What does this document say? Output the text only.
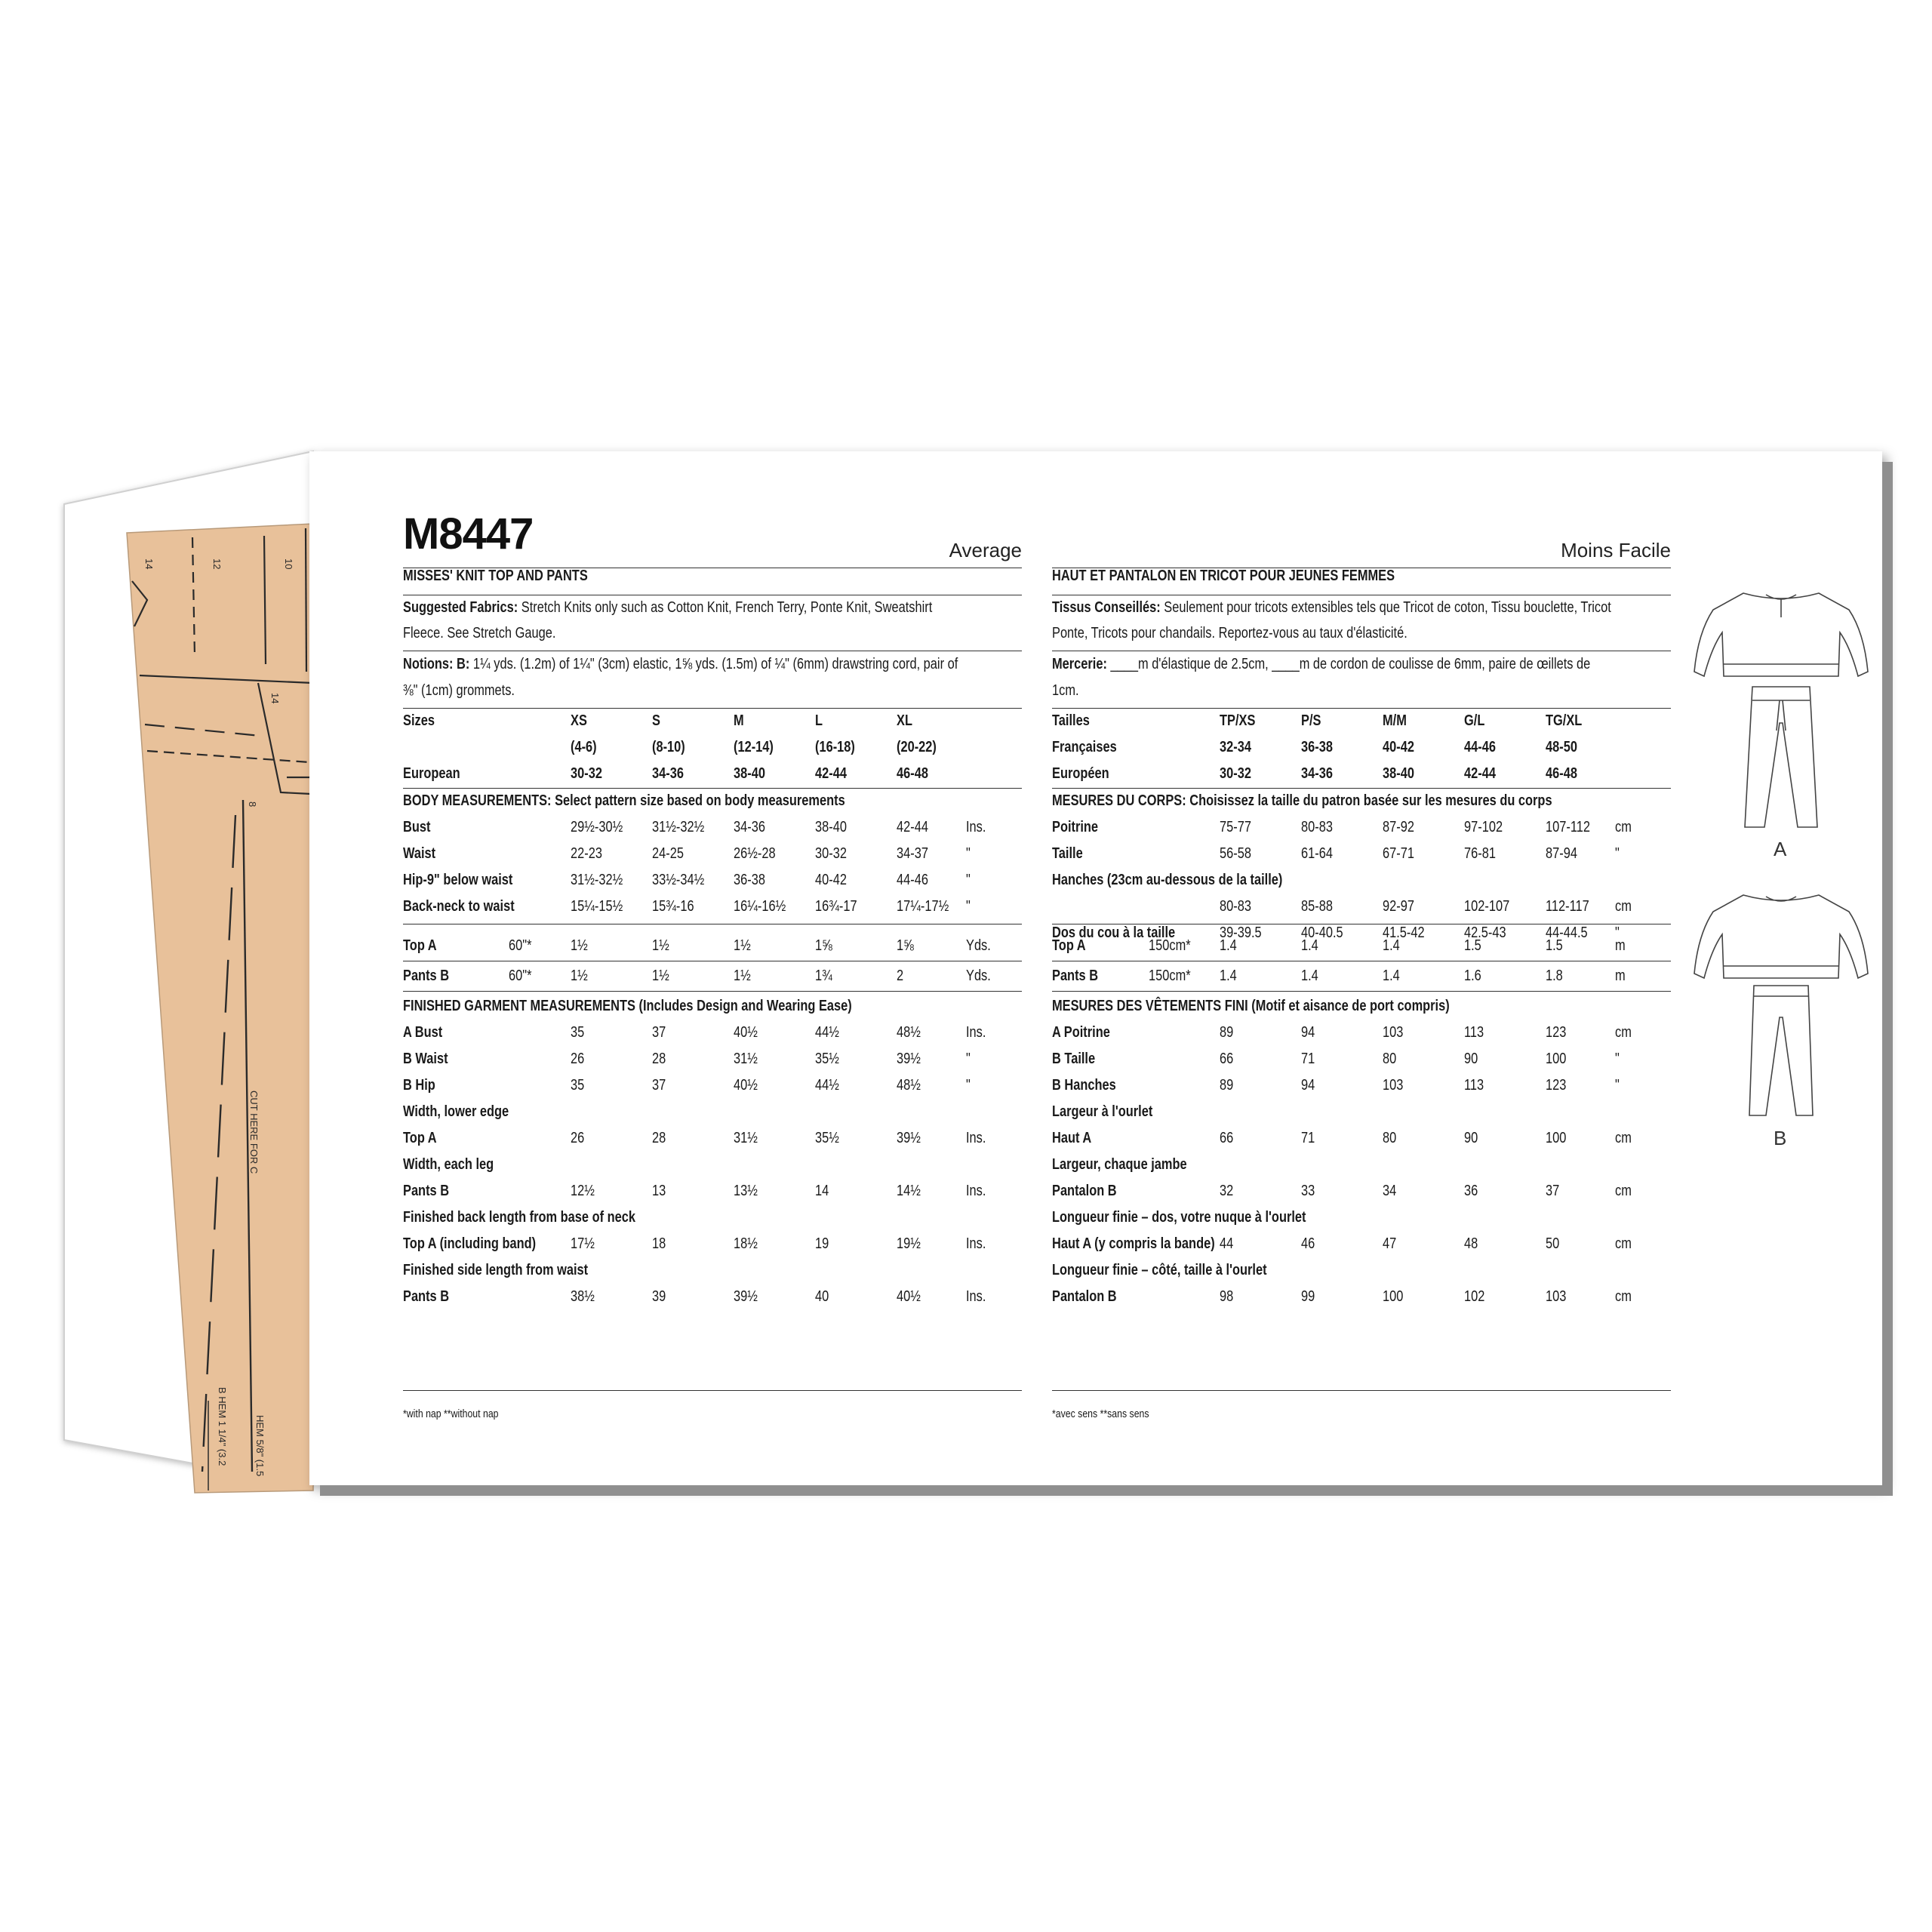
14	12	10
14
8
CUT HERE FOR C
B HEM 1 1/4" (3.2	HEM 5/8" (1.5
M8447	Average
MISSES' KNIT TOP AND PANTS
Suggested Fabrics: Stretch Knits only such as Cotton Knit, French Terry, Ponte Knit, Sweatshirt
Fleece. See Stretch Gauge.
Notions: B: 1¼ yds. (1.2m) of 1¼" (3cm) elastic, 1⅝ yds. (1.5m) of ¼" (6mm) drawstring cord, pair of
⅜" (1cm) grommets.
Sizes	XS	S	M	L	XL
(4-6)	(8-10)	(12-14)	(16-18)	(20-22)
European	30-32	34-36	38-40	42-44	46-48
BODY MEASUREMENTS: Select pattern size based on body measurements
Bust	29½-30½ 31½-32½ 34-36	38-40	42-44	Ins.
Waist	22-23	24-25	26½-28	30-32	34-37	"
Hip-9" below waist	31½-32½ 33½-34½ 36-38	40-42	44-46	"
Back-neck to waist	15¼-15½ 15¾-16	16¼-16½ 16¾-17	17¼-17½ "
Top A	60"*	1½	1½	1½	1⅝	1⅝	Yds.
Pants B	60"*	1½	1½	1½	1¾	2	Yds.
FINISHED GARMENT MEASUREMENTS (Includes Design and Wearing Ease)
A Bust	35	37	40½	44½	48½	Ins.
B Waist	26	28	31½	35½	39½	"
B Hip	35	37	40½	44½	48½	"
Width, lower edge
Top A	26	28	31½	35½	39½	Ins.
Width, each leg
Pants B	12½	13	13½	14	14½	Ins.
Finished back length from base of neck
Top A (including band) 17½	18	18½	19	19½	Ins.
Finished side length from waist
Pants B	38½	39	39½	40	40½	Ins.
*with nap **without nap
Moins Facile
HAUT ET PANTALON EN TRICOT POUR JEUNES FEMMES
Tissus Conseillés: Seulement pour tricots extensibles tels que Tricot de coton, Tissu bouclette, Tricot
Ponte, Tricots pour chandails. Reportez-vous au taux d'élasticité.
Mercerie: ____m d'élastique de 2.5cm, ____m de cordon de coulisse de 6mm, paire de œillets de
1cm.
Tailles	TP/XS	P/S	M/M	G/L	TG/XL
Françaises	32-34	36-38	40-42	44-46	48-50
Européen	30-32	34-36	38-40	42-44	46-48
MESURES DU CORPS: Choisissez la taille du patron basée sur les mesures du corps
Poitrine	75-77	80-83	87-92	97-102	107-112 cm
Taille	56-58	61-64	67-71	76-81	87-94	"
Hanches (23cm au-dessous de la taille)
80-83	85-88	92-97	102-107 112-117 cm
Dos du cou à la taille	39-39.5	40-40.5	41.5-42	42.5-43	44-44.5 "
Top A	150cm* 1.4	1.4	1.4	1.5	1.5	m
Pants B	150cm* 1.4	1.4	1.4	1.6	1.8	m
MESURES DES VÊTEMENTS FINI (Motif et aisance de port compris)
A Poitrine	89	94	103	113	123	cm
B Taille	66	71	80	90	100	"
B Hanches	89	94	103	113	123	"
Largeur à l'ourlet
Haut A	66	71	80	90	100	cm
Largeur, chaque jambe
Pantalon B	32	33	34	36	37	cm
Longueur finie – dos, votre nuque à l'ourlet
Haut A (y compris la bande) 44	46	47	48	50	cm
Longueur finie – côté, taille à l'ourlet
Pantalon B	98	99	100	102	103	cm
*avec sens **sans sens
A
B
